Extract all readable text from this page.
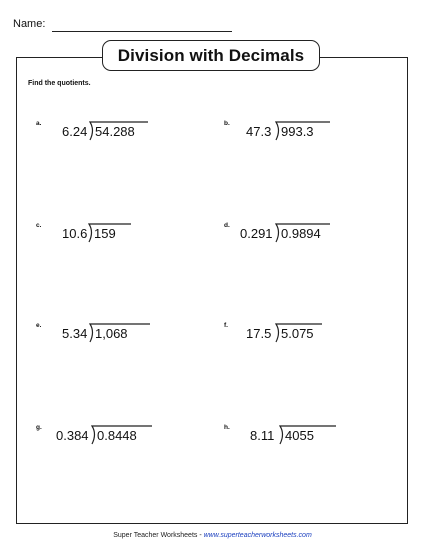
Name:
Division with Decimals
Find the quotients.
a.
6.24 54.288
b.
47.3 993.3
c.
10.6 159
d.
0.291 0.9894
e.
5.34 1,068
f.
17.5 5.075
g.
0.384 0.8448
h.
8.11 4055
Super Teacher Worksheets - www.superteacherworksheets.com
